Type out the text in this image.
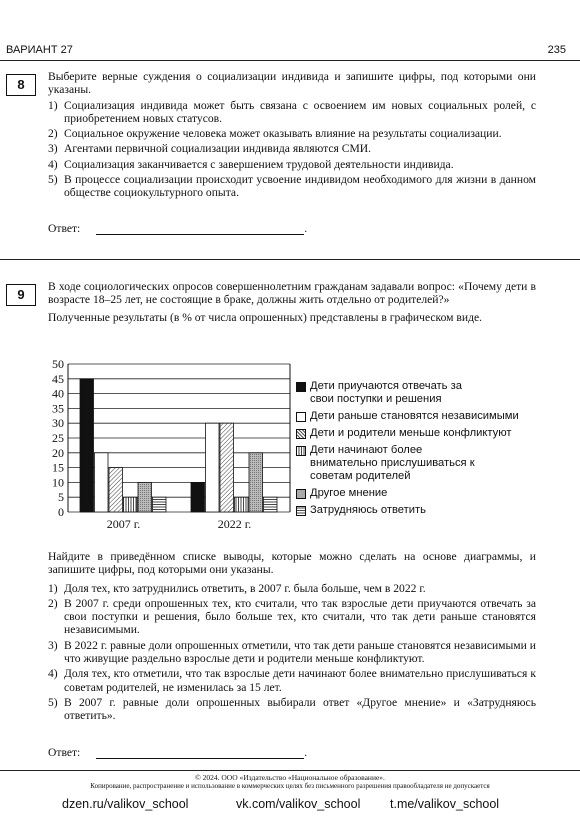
ВАРИАНТ 27	235
8
Выберите верные суждения о социализации индивида и запишите цифры, под которыми они указаны.
1) Социализация индивида может быть связана с освоением им новых социальных ролей, с приобретением новых статусов.
2) Социальное окружение человека может оказывать влияние на результаты социализации.
3) Агентами первичной социализации индивида являются СМИ.
4) Социализация заканчивается с завершением трудовой деятельности индивида.
5) В процессе социализации происходит усвоение индивидом необходимого для жизни в данном обществе социокультурного опыта.
Ответ:	.
9
В ходе социологических опросов совершеннолетним гражданам задавали вопрос: «Почему дети в возрасте 18–25 лет, не состоящие в браке, должны жить отдельно от родителей?»
Полученные результаты (в % от числа опрошенных) представлены в графическом виде.
0
5
10
15
20
25
30
35
40
45
50
2007 г.	2022 г.
Дети приучаются отвечать за свои поступки и решения
Дети раньше становятся независимыми
Дети и родители меньше конфликтуют
Дети начинают более внимательно прислушиваться к советам родителей
Другое мнение
Затрудняюсь ответить
Найдите в приведённом списке выводы, которые можно сделать на основе диаграммы, и запишите цифры, под которыми они указаны.
1) Доля тех, кто затруднились ответить, в 2007 г. была больше, чем в 2022 г.
2) В 2007 г. среди опрошенных тех, кто считали, что так взрослые дети приучаются отвечать за свои поступки и решения, было больше тех, кто считали, что так дети раньше становятся независимыми.
3) В 2022 г. равные доли опрошенных отметили, что так дети раньше становятся независимыми и что живущие раздельно взрослые дети и родители меньше конфликтуют.
4) Доля тех, кто отметили, что так взрослые дети начинают более внимательно прислушиваться к советам родителей, не изменилась за 15 лет.
5) В 2007 г. равные доли опрошенных выбирали ответ «Другое мнение» и «Затрудняюсь ответить».
Ответ:	.
© 2024. ООО «Издательство «Национальное образование».
Копирование, распространение и использование в коммерческих целях без письменного разрешения правообладателя не допускается
dzen.ru/valikov_school	vk.com/valikov_school t.me/valikov_school
